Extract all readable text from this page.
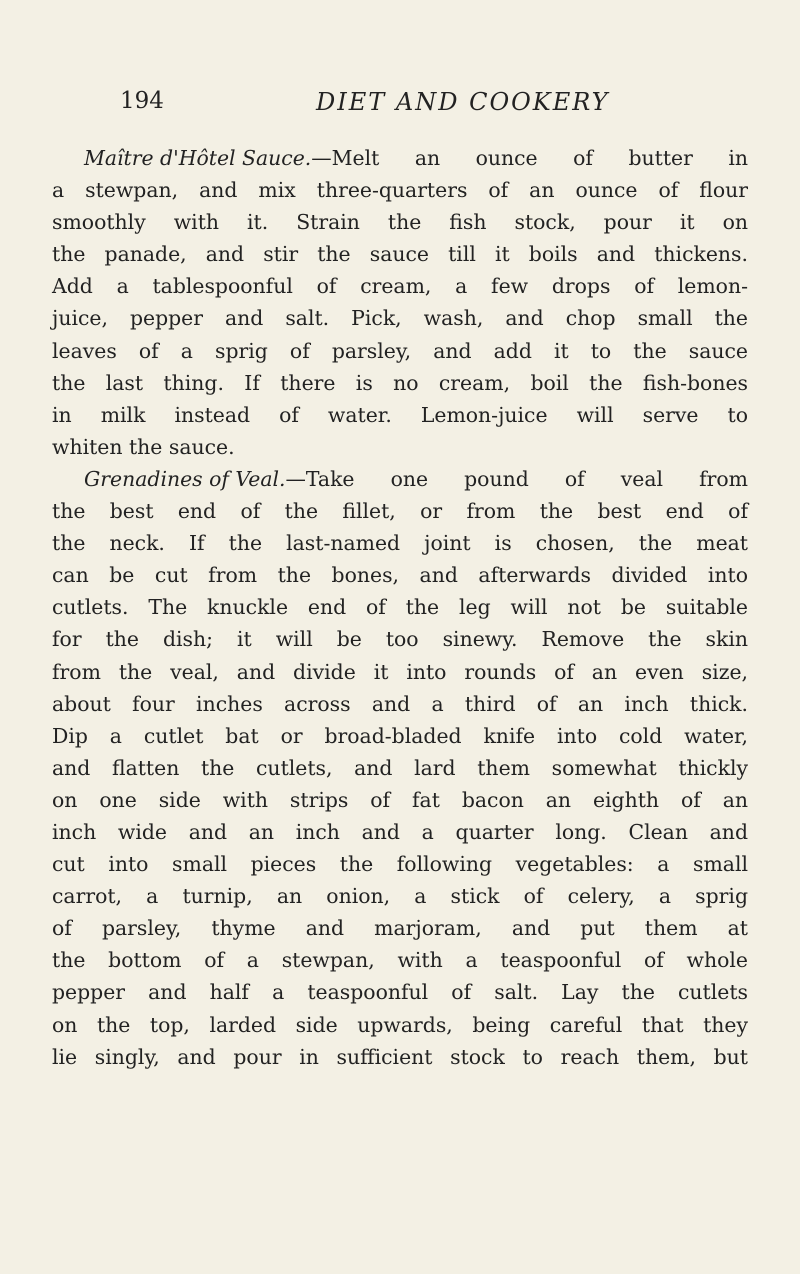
194	DIET AND COOKERY
Maître d'Hôtel Sauce. —Melt an ounce of butter in
a stewpan, and mix three-quarters of an ounce of flour
smoothly with it. Strain the fish stock, pour it on
the panade, and stir the sauce till it boils and thickens.
Add a tablespoonful of cream, a few drops of lemon-
juice, pepper and salt. Pick, wash, and chop small the
leaves of a sprig of parsley, and add it to the sauce
the last thing. If there is no cream, boil the fish-bones
in milk instead of water. Lemon-juice will serve to
whiten the sauce.
Grenadines of Veal. —Take one pound of veal from
the best end of the fillet, or from the best end of
the neck. If the last-named joint is chosen, the meat
can be cut from the bones, and afterwards divided into
cutlets. The knuckle end of the leg will not be suitable
for the dish; it will be too sinewy. Remove the skin
from the veal, and divide it into rounds of an even size,
about four inches across and a third of an inch thick.
Dip a cutlet bat or broad-bladed knife into cold water,
and flatten the cutlets, and lard them somewhat thickly
on one side with strips of fat bacon an eighth of an
inch wide and an inch and a quarter long. Clean and
cut into small pieces the following vegetables: a small
carrot, a turnip, an onion, a stick of celery, a sprig
of parsley, thyme and marjoram, and put them at
the bottom of a stewpan, with a teaspoonful of whole
pepper and half a teaspoonful of salt. Lay the cutlets
on the top, larded side upwards, being careful that they
lie singly, and pour in sufficient stock to reach them, but
